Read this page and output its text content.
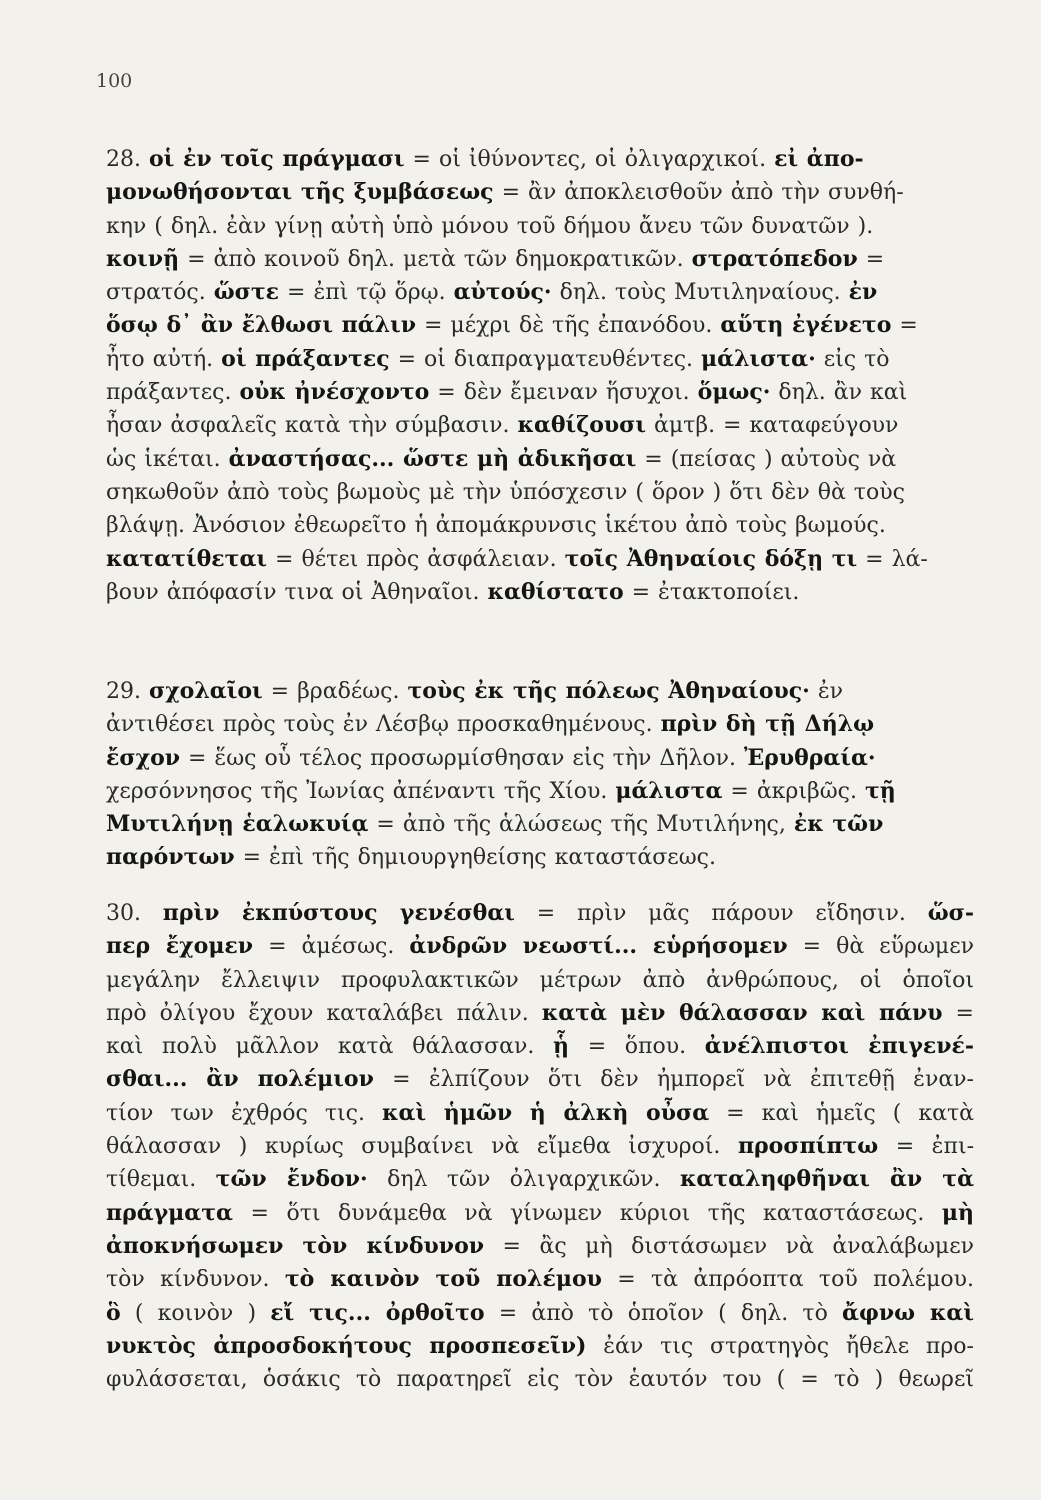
100

28. οἱ ἐν τοῖς πράγμασι = οἱ ἰθύνοντες, οἱ ὀλιγαρχικοί. εἰ ἀπο-
μονωθήσονται τῆς ξυμβάσεως = ἂν ἀποκλεισθοῦν ἀπὸ τὴν συνθή-
κην ( δηλ. ἐὰν γίνῃ αὐτὴ ὑπὸ μόνου τοῦ δήμου ἄνευ τῶν δυνατῶν ).
κοινῇ = ἀπὸ κοινοῦ δηλ. μετὰ τῶν δημοκρατικῶν. στρατόπεδον =
στρατός. ὥστε = ἐπὶ τῷ ὅρῳ. αὐτούς· δηλ. τοὺς Μυτιληναίους. ἐν
ὅσῳ δ᾽ ἂν ἔλθωσι πάλιν = μέχρι δὲ τῆς ἐπανόδου. αὕτη ἐγένετο =
ἦτο αὐτή. οἱ πράξαντες = οἱ διαπραγματευθέντες. μάλιστα· εἰς τὸ
πράξαντες. οὐκ ἠνέσχοντο = δὲν ἔμειναν ἥσυχοι. ὅμως· δηλ. ἂν καὶ
ἦσαν ἀσφαλεῖς κατὰ τὴν σύμβασιν. καθίζουσι ἀμτβ. = καταφεύγουν
ὡς ἱκέται. ἀναστήσας... ὥστε μὴ ἀδικῆσαι = (πείσας ) αὐτοὺς νὰ
σηκωθοῦν ἀπὸ τοὺς βωμοὺς μὲ τὴν ὑπόσχεσιν ( ὅρον ) ὅτι δὲν θὰ τοὺς
βλάψῃ. Ἀνόσιον ἐθεωρεῖτο ἡ ἀπομάκρυνσις ἱκέτου ἀπὸ τοὺς βωμούς.
κατατίθεται = θέτει πρὸς ἀσφάλειαν. τοῖς Ἀθηναίοις δόξῃ τι = λά-
βουν ἀπόφασίν τινα οἱ Ἀθηναῖοι. καθίστατο = ἐτακτοποίει.

29. σχολαῖοι = βραδέως. τοὺς ἐκ τῆς πόλεως Ἀθηναίους· ἐν
ἀντιθέσει πρὸς τοὺς ἐν Λέσβῳ προσκαθημένους. πρὶν δὴ τῇ Δήλῳ
ἔσχον = ἕως οὗ τέλος προσωρμίσθησαν εἰς τὴν Δῆλον. Ἐρυθραία·
χερσόννησος τῆς Ἰωνίας ἀπέναντι τῆς Χίου. μάλιστα = ἀκριβῶς. τῇ
Μυτιλήνῃ ἑαλωκυίᾳ = ἀπὸ τῆς ἁλώσεως τῆς Μυτιλήνης, ἐκ τῶν
παρόντων = ἐπὶ τῆς δημιουργηθείσης καταστάσεως.

30. πρὶν ἐκπύστους γενέσθαι = πρὶν μᾶς πάρουν εἴδησιν. ὥσ-
περ ἔχομεν = ἀμέσως. ἀνδρῶν νεωστί... εὑρήσομεν = θὰ εὕρωμεν
μεγάλην ἔλλειψιν προφυλακτικῶν μέτρων ἀπὸ ἀνθρώπους, οἱ ὁποῖοι
πρὸ ὀλίγου ἔχουν καταλάβει πάλιν. κατὰ μὲν θάλασσαν καὶ πάνυ =
καὶ πολὺ μᾶλλον κατὰ θάλασσαν. ᾗ = ὅπου. ἀνέλπιστοι ἐπιγενέ-
σθαι... ἂν πολέμιον = ἐλπίζουν ὅτι δὲν ἠμπορεῖ νὰ ἐπιτεθῇ ἐναν-
τίον των ἐχθρός τις. καὶ ἡμῶν ἡ ἀλκὴ οὖσα = καὶ ἡμεῖς ( κατὰ
θάλασσαν ) κυρίως συμβαίνει νὰ εἴμεθα ἰσχυροί. προσπίπτω = ἐπι-
τίθεμαι. τῶν ἔνδον· δηλ τῶν ὀλιγαρχικῶν. καταληφθῆναι ἂν τὰ
πράγματα = ὅτι δυνάμεθα νὰ γίνωμεν κύριοι τῆς καταστάσεως. μὴ
ἀποκνήσωμεν τὸν κίνδυνον = ἂς μὴ διστάσωμεν νὰ ἀναλάβωμεν
τὸν κίνδυνον. τὸ καινὸν τοῦ πολέμου = τὰ ἀπρόοπτα τοῦ πολέμου.
ὃ ( κοινὸν ) εἴ τις... ὀρθοῖτο = ἀπὸ τὸ ὁποῖον ( δηλ. τὸ ἄφνω καὶ
νυκτὸς ἀπροσδοκήτους προσπεσεῖν) ἐάν τις στρατηγὸς ἤθελε προ-
φυλάσσεται, ὁσάκις τὸ παρατηρεῖ εἰς τὸν ἑαυτόν του ( = τὸ ) θεωρεῖ
